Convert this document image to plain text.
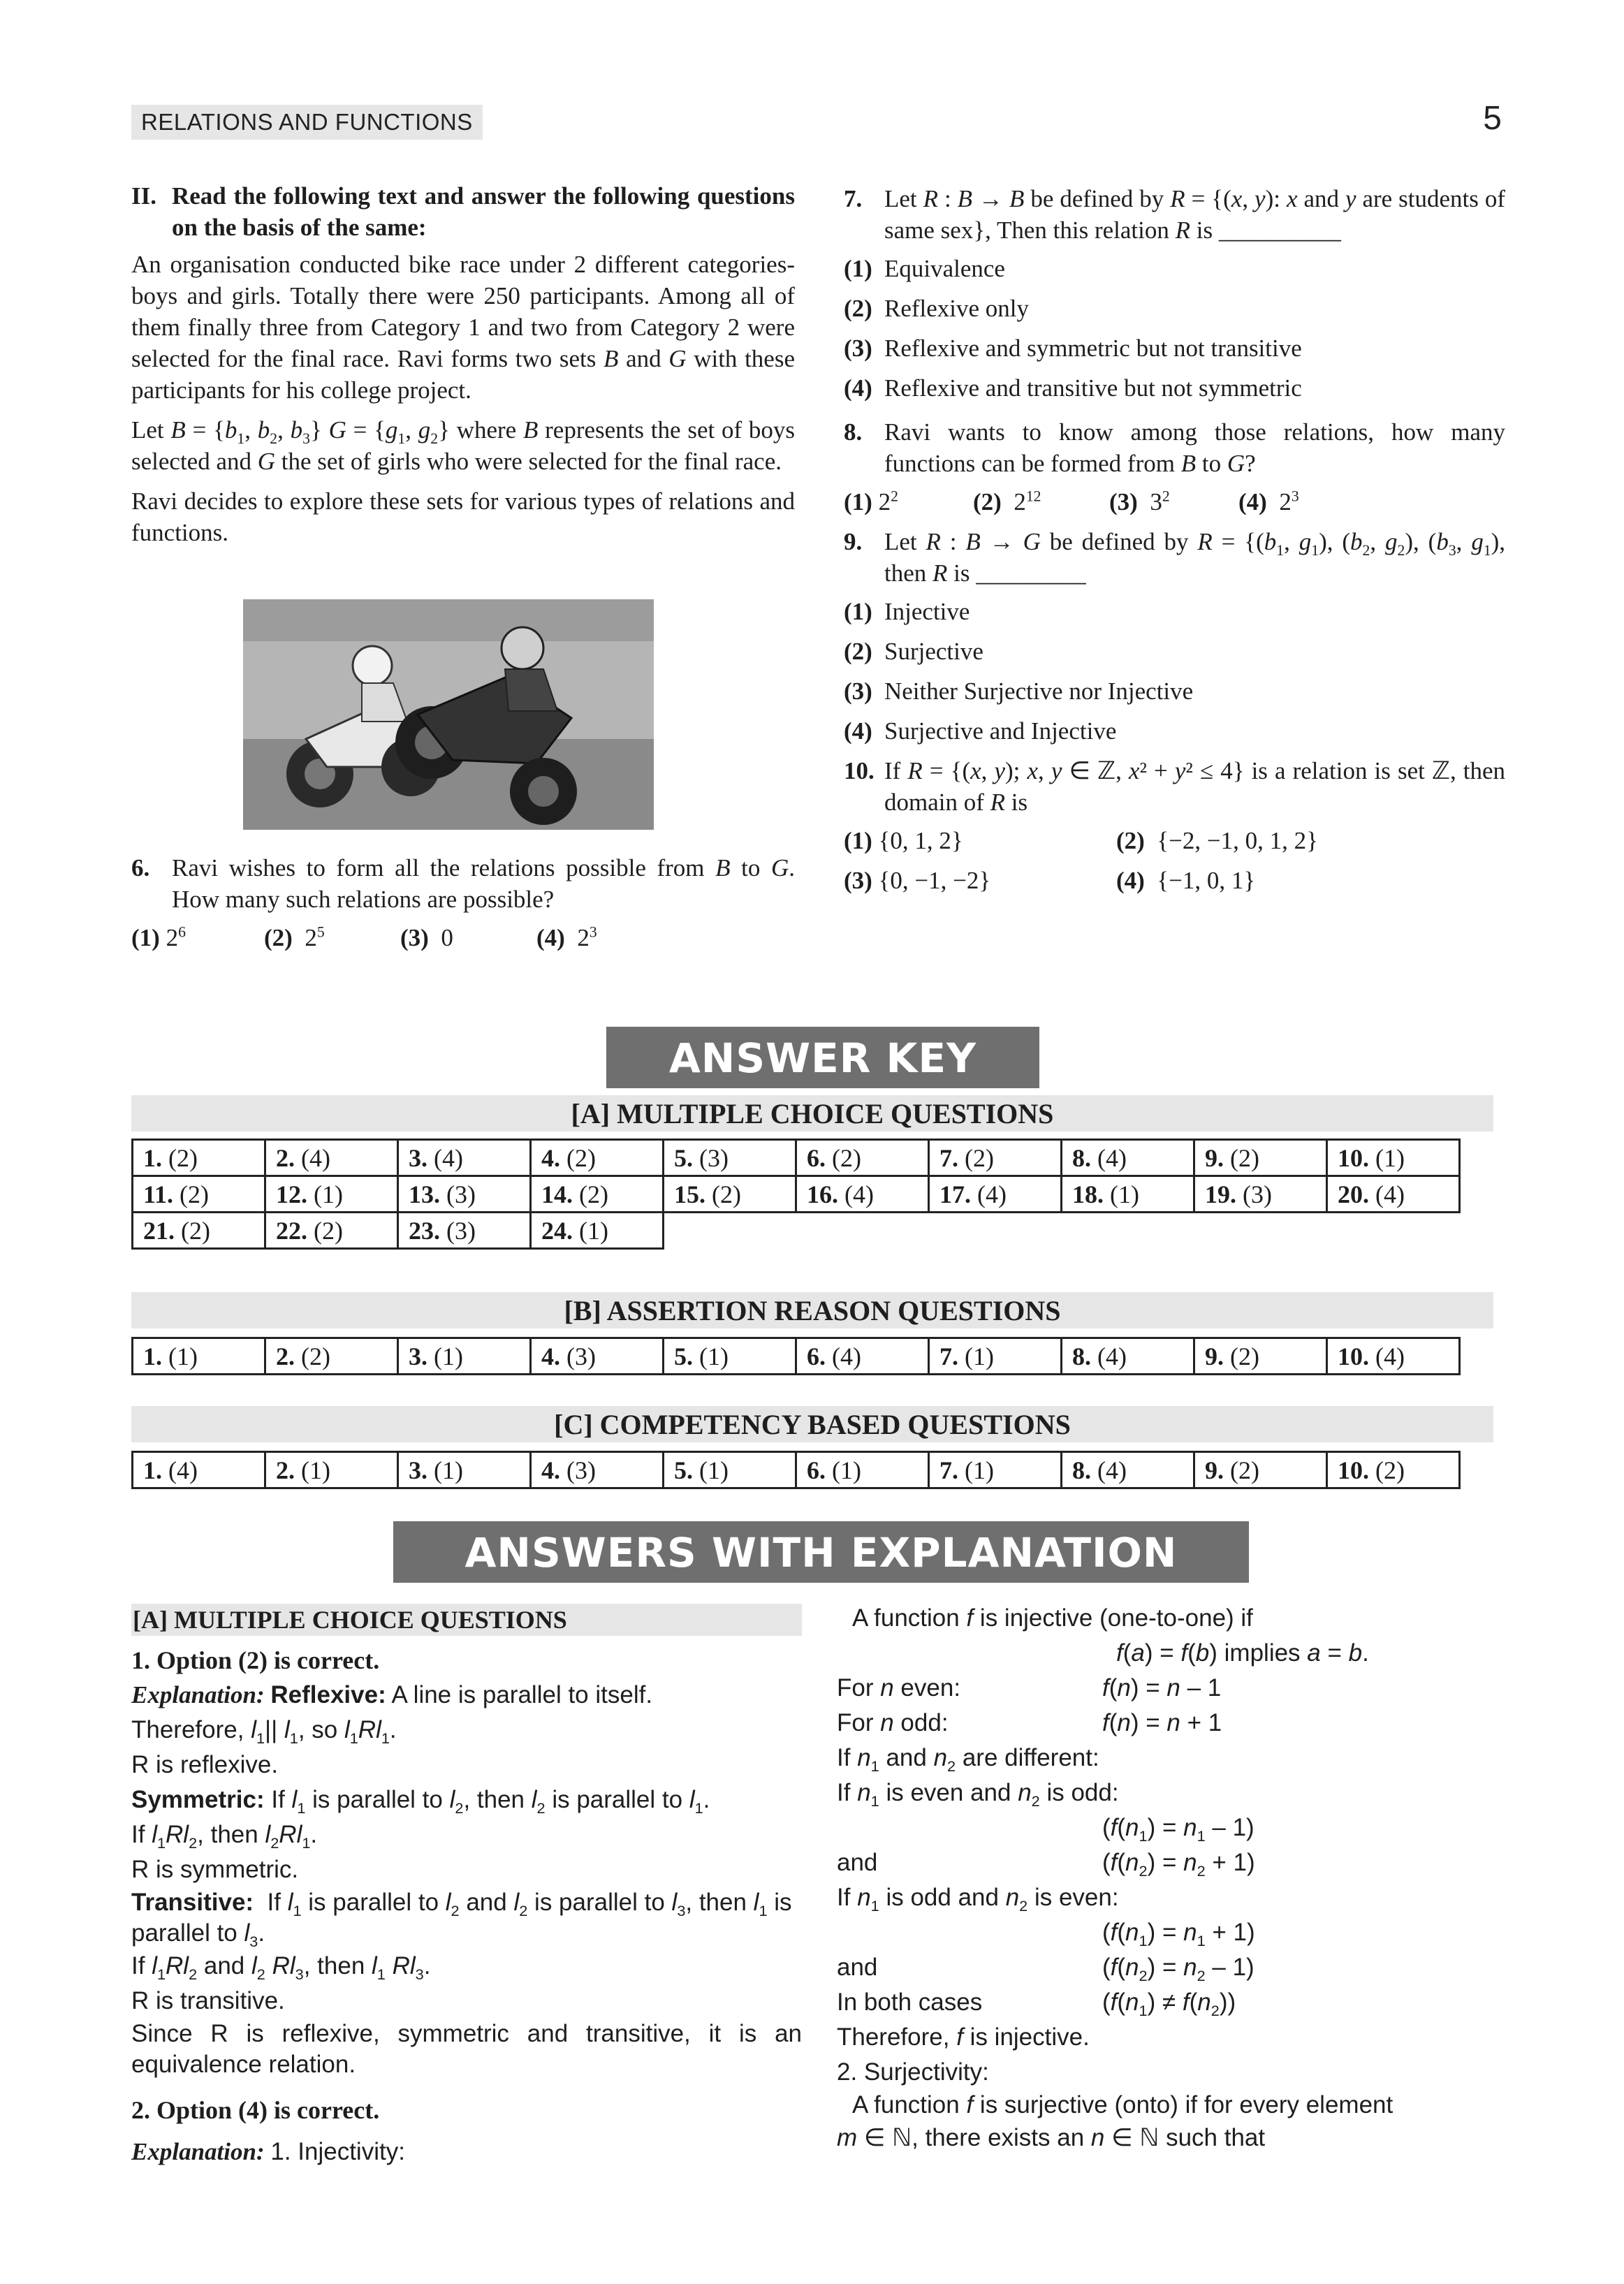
RELATIONS AND FUNCTIONS	5
II. Read the following text and answer the following questions on the basis of the same:

An organisation conducted bike race under 2 different categories-boys and girls. Totally there were 250 participants. Among all of them finally three from Category 1 and two from Category 2 were selected for the final race. Ravi forms two sets B and G with these participants for his college project.

Let $B = \{b_1$, $b_2$, $b_3$} $G = \{g_1$, $g_2$} where B represents the set of boys selected and G the set of girls who were selected for the final race.

Ravi decides to explore these sets for various types of relations and functions.

6. Ravi wishes to form all the relations possible from B to G. How many such relations are possible?
(1) $2^6$	(2)  $2^5$	(3)  0	(4)  $2^3$
7. Let R : B → B be defined by R = {(x, y): x and y are students of same sex}, Then this relation R is __________
(1) Equivalence
(2) Reflexive only
(3) Reflexive and symmetric but not transitive
(4) Reflexive and transitive but not symmetric
8. Ravi wants to know among those relations, how many functions can be formed from B to G?
(1) $2^2$	(2)  $2^{12}$	(3)  $3^2$	(4)  $2^3$
9. Let R : B → G be defined by $R = \{(b_1$, $g_1$), ($b_2$, $g_2$), ($b_3$, $g_1$), then R is _________
(1) Injective
(2) Surjective
(3) Neither Surjective nor Injective
(4) Surjective and Injective
10. If R = {(x, y); x, y ∈ ℤ, x² + y² ≤ 4} is a relation is set ℤ, then domain of R is
(1) {0, 1, 2}	(2) {−2, −1, 0, 1, 2}
(3) {0, −1, −2}	(4) {−1, 0, 1}
ANSWER KEY
[A] MULTIPLE CHOICE QUESTIONS
1. (2)	2. (4)	3. (4)	4. (2)	5. (3)	6. (2)	7. (2)	8. (4)	9. (2)	10. (1)
11. (2)	12. (1)	13. (3)	14. (2)	15. (2)	16. (4)	17. (4)	18. (1)	19. (3)	20. (4)
21. (2)	22. (2)	23. (3)	24. (1)						
[B] ASSERTION REASON QUESTIONS
1. (1)	2. (2)	3. (1)	4. (3)	5. (1)	6. (4)	7. (1)	8. (4)	9. (2)	10. (4)
[C] COMPETENCY BASED QUESTIONS
1. (4)	2. (1)	3. (1)	4. (3)	5. (1)	6. (1)	7. (1)	8. (4)	9. (2)	10. (2)
ANSWERS WITH EXPLANATION
[A] MULTIPLE CHOICE QUESTIONS
1. Option (2) is correct.
Explanation: Reflexive: A line is parallel to itself.
Therefore, $l_1||$ $l_1$, so $l_1Rl_1$.
R is reflexive.
Symmetric: If $l_1$ is parallel to $l_2$, then $l_2$ is parallel to $l_1$.
If $l_1Rl_2$, then $l_2Rl_1$.
R is symmetric.
Transitive:  If $l_1$ is parallel to $l_2$ and $l_2$ is parallel to $l_3$, then $l_1$ is parallel to $l_3$.
If $l_1Rl_2$ and $l_2$ $Rl_3$, then $l_1$ $Rl_3$.
R is transitive.
Since R is reflexive, symmetric and transitive, it is an equivalence relation.
2. Option (4) is correct.
Explanation: 1. Injectivity:
A function f is injective (one-to-one) if
f(a) = f(b) implies a = b.
For n even:	f(n) = n – 1
For n odd:	f(n) = n + 1
If $n_1$ and $n_2$ are different:
If $n_1$ is even and $n_2$ is odd:
$(f(n_1) = n_1 - 1)$
and	$(f(n_2) = n_2 + 1)$
If $n_1$ is odd and $n_2$ is even:
$(f(n_1) = n_1 + 1)$
and	$(f(n_2) = n_2 - 1)$
In both cases	$(f(n_1) \ne f(n_2))$
Therefore, f is injective.
2. Surjectivity:
A function f is surjective (onto) if for every element
m ∈ ℕ, there exists an n ∈ ℕ such that
